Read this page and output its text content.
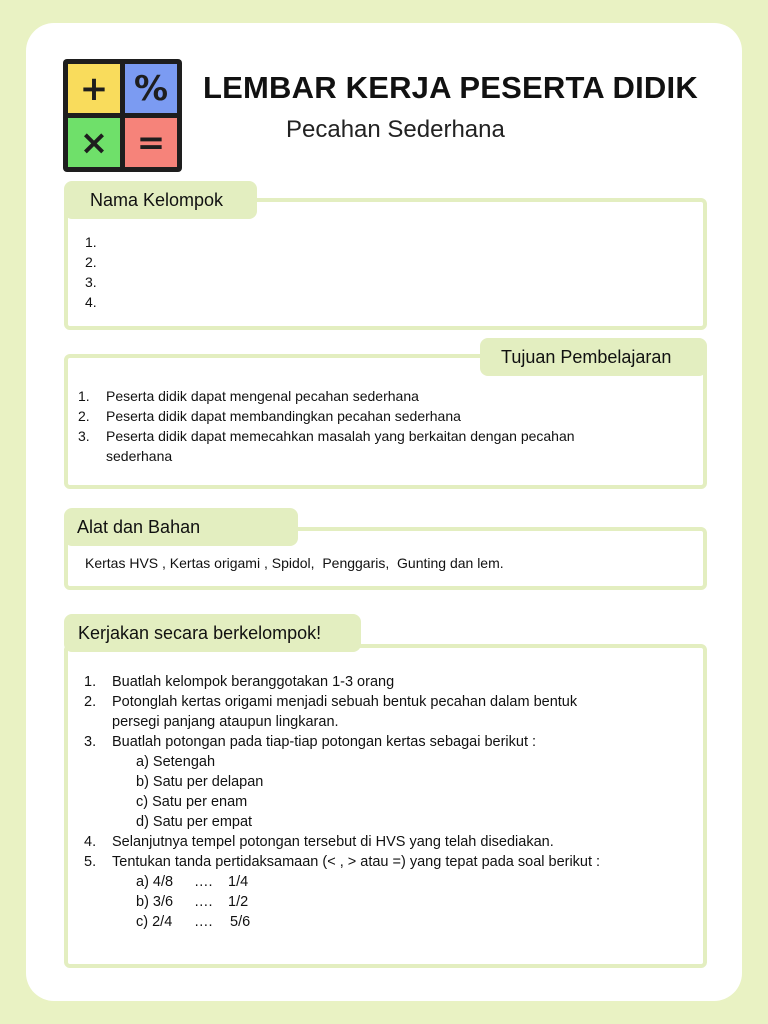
+ %
× =
LEMBAR KERJA PESERTA DIDIK
Pecahan Sederhana
1.
2.
3.
4.
Nama Kelompok
1.	Peserta didik dapat mengenal pecahan sederhana
2.	Peserta didik dapat membandingkan pecahan sederhana
3.	Peserta didik dapat memecahkan masalah yang berkaitan dengan pecahan
sederhana
Tujuan Pembelajaran
Kertas HVS , Kertas origami , Spidol,  Penggaris,  Gunting dan lem.
Alat dan Bahan
1.	Buatlah kelompok beranggotakan 1-3 orang
2.	Potonglah kertas origami menjadi sebuah bentuk pecahan dalam bentuk
persegi panjang ataupun lingkaran.
3.	Buatlah potongan pada tiap-tiap potongan kertas sebagai berikut :
a) Setengah
b) Satu per delapan
c) Satu per enam
d) Satu per empat
4.	Selanjutnya tempel potongan tersebut di HVS yang telah disediakan.
5.	Tentukan tanda pertidaksamaan (< , > atau =) yang tepat pada soal berikut :
a) 4/8	….	1/4
b) 3/6	….	1/2
c) 2/4	….	5/6
Kerjakan secara berkelompok!
